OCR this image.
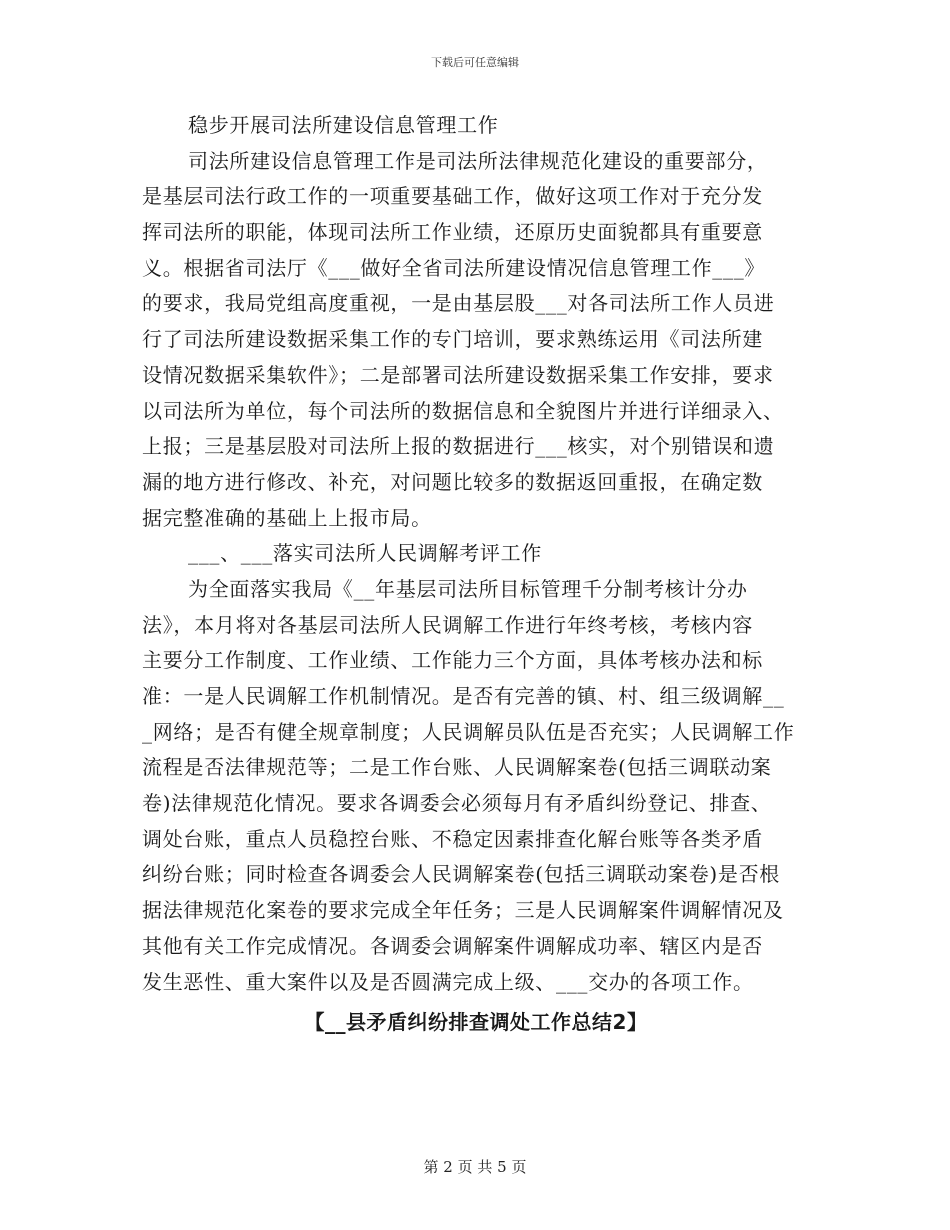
下载后可任意编辑
稳步开展司法所建设信息管理工作
司法所建设信息管理工作是司法所法律规范化建设的重要部分，
是基层司法行政工作的一项重要基础工作，做好这项工作对于充分发
挥司法所的职能，体现司法所工作业绩，还原历史面貌都具有重要意
义。根据省司法厅《___做好全省司法所建设情况信息管理工作___》
的要求，我局党组高度重视，一是由基层股___对各司法所工作人员进
行了司法所建设数据采集工作的专门培训，要求熟练运用《司法所建
设情况数据采集软件》；二是部署司法所建设数据采集工作安排，要求
以司法所为单位，每个司法所的数据信息和全貌图片并进行详细录入、
上报；三是基层股对司法所上报的数据进行___核实，对个别错误和遗
漏的地方进行修改、补充，对问题比较多的数据返回重报，在确定数
据完整准确的基础上上报市局。
___、___落实司法所人民调解考评工作
为全面落实我局《__年基层司法所目标管理千分制考核计分办
法》，本月将对各基层司法所人民调解工作进行年终考核，考核内容
主要分工作制度、工作业绩、工作能力三个方面，具体考核办法和标
准：一是人民调解工作机制情况。是否有完善的镇、村、组三级调解__
_网络；是否有健全规章制度；人民调解员队伍是否充实；人民调解工作
流程是否法律规范等；二是工作台账、人民调解案卷(包括三调联动案
卷)法律规范化情况。要求各调委会必须每月有矛盾纠纷登记、排查、
调处台账，重点人员稳控台账、不稳定因素排查化解台账等各类矛盾
纠纷台账；同时检查各调委会人民调解案卷(包括三调联动案卷)是否根
据法律规范化案卷的要求完成全年任务；三是人民调解案件调解情况及
其他有关工作完成情况。各调委会调解案件调解成功率、辖区内是否
发生恶性、重大案件以及是否圆满完成上级、___交办的各项工作。
【__县矛盾纠纷排查调处工作总结2】
第 2 页 共 5 页
